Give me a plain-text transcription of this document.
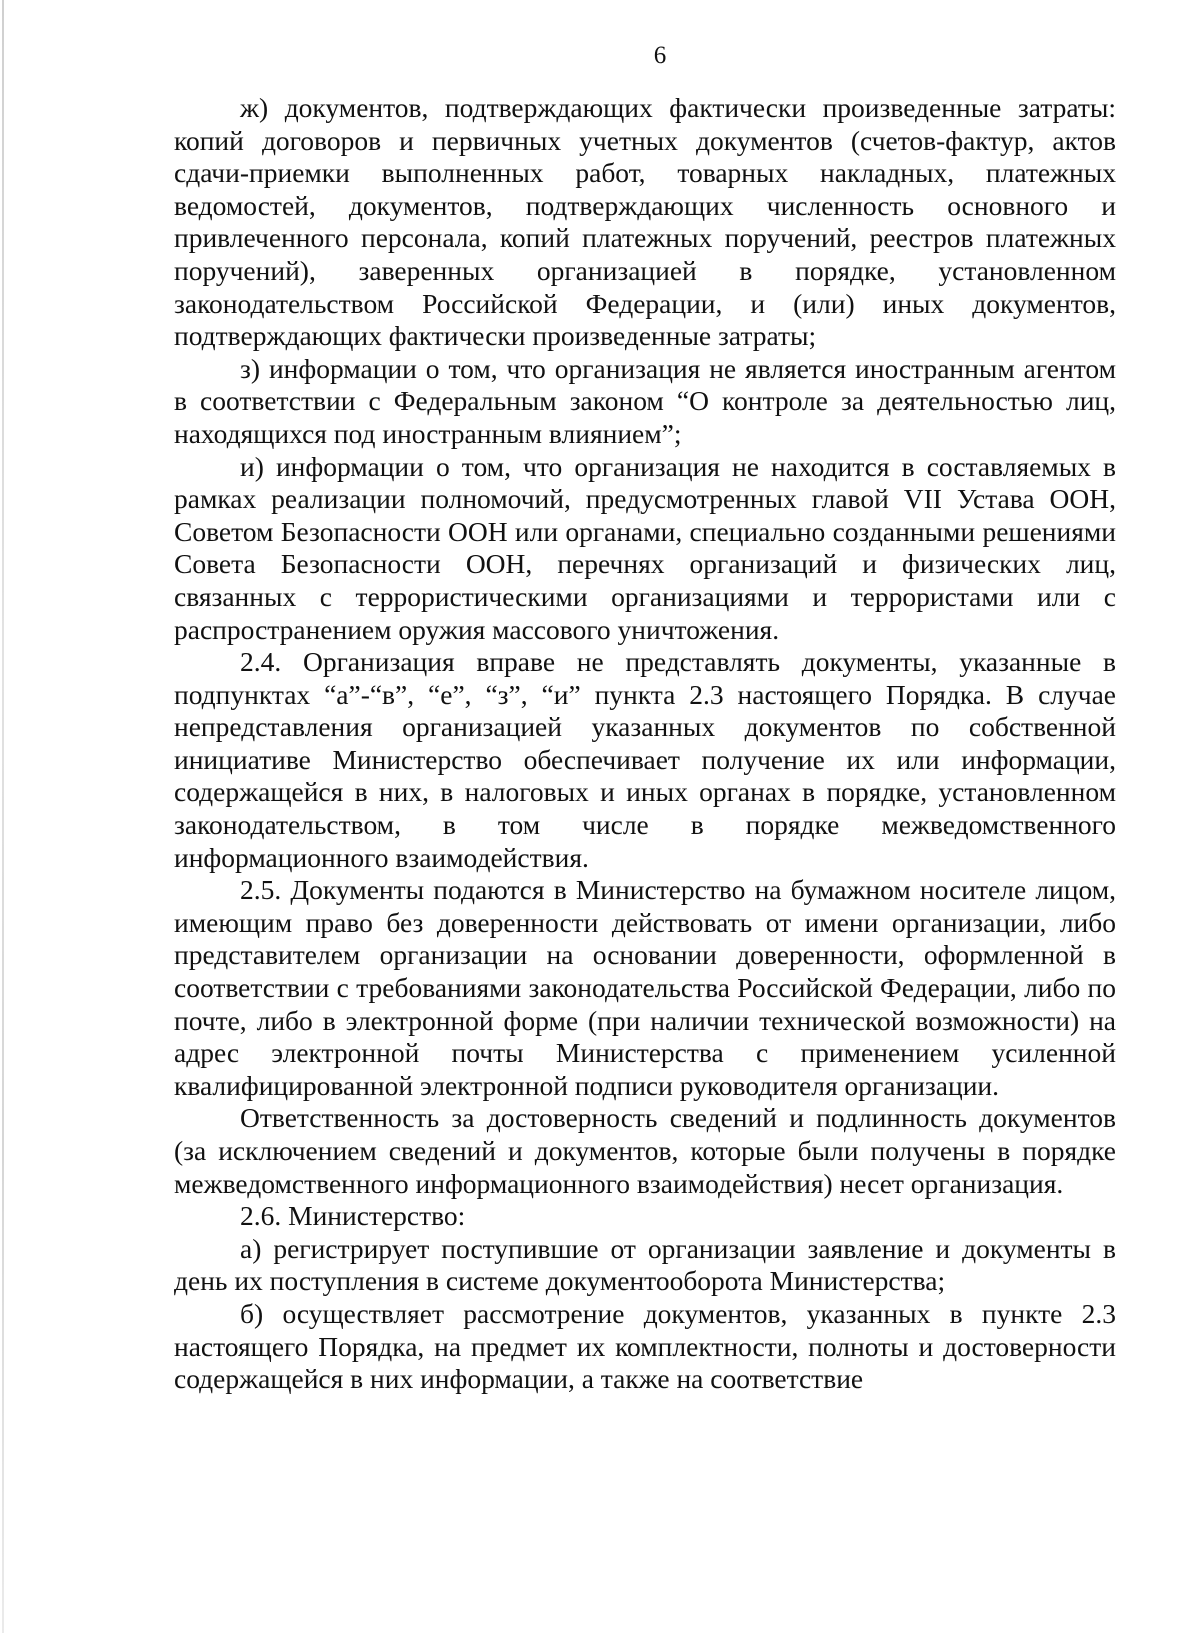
6

ж) документов, подтверждающих фактически произведенные затраты: копий договоров и первичных учетных документов (счетов-фактур, актов сдачи-приемки выполненных работ, товарных накладных, платежных ведомостей, документов, подтверждающих численность основного и привлеченного персонала, копий платежных поручений, реестров платежных поручений), заверенных организацией в порядке, установленном законодательством Российской Федерации, и (или) иных документов, подтверждающих фактически произведенные затраты;

з) информации о том, что организация не является иностранным агентом в соответствии с Федеральным законом “О контроле за деятельностью лиц, находящихся под иностранным влиянием”;

и) информации о том, что организация не находится в составляемых в рамках реализации полномочий, предусмотренных главой VII Устава ООН, Советом Безопасности ООН или органами, специально созданными решениями Совета Безопасности ООН, перечнях организаций и физических лиц, связанных с террористическими организациями и террористами или с распространением оружия массового уничтожения.

2.4. Организация вправе не представлять документы, указанные в подпунктах “а”-“в”, “е”, “з”, “и” пункта 2.3 настоящего Порядка. В случае непредставления организацией указанных документов по собственной инициативе Министерство обеспечивает получение их или информации, содержащейся в них, в налоговых и иных органах в порядке, установленном законодательством, в том числе в порядке межведомственного информационного взаимодействия.

2.5. Документы подаются в Министерство на бумажном носителе лицом, имеющим право без доверенности действовать от имени организации, либо представителем организации на основании доверенности, оформленной в соответствии с требованиями законодательства Российской Федерации, либо по почте, либо в электронной форме (при наличии технической возможности) на адрес электронной почты Министерства с применением усиленной квалифицированной электронной подписи руководителя организации.

Ответственность за достоверность сведений и подлинность документов (за исключением сведений и документов, которые были получены в порядке межведомственного информационного взаимодействия) несет организация.

2.6. Министерство:

а) регистрирует поступившие от организации заявление и документы в день их поступления в системе документооборота Министерства;

б) осуществляет рассмотрение документов, указанных в пункте 2.3 настоящего Порядка, на предмет их комплектности, полноты и достоверности содержащейся в них информации, а также на соответствие
